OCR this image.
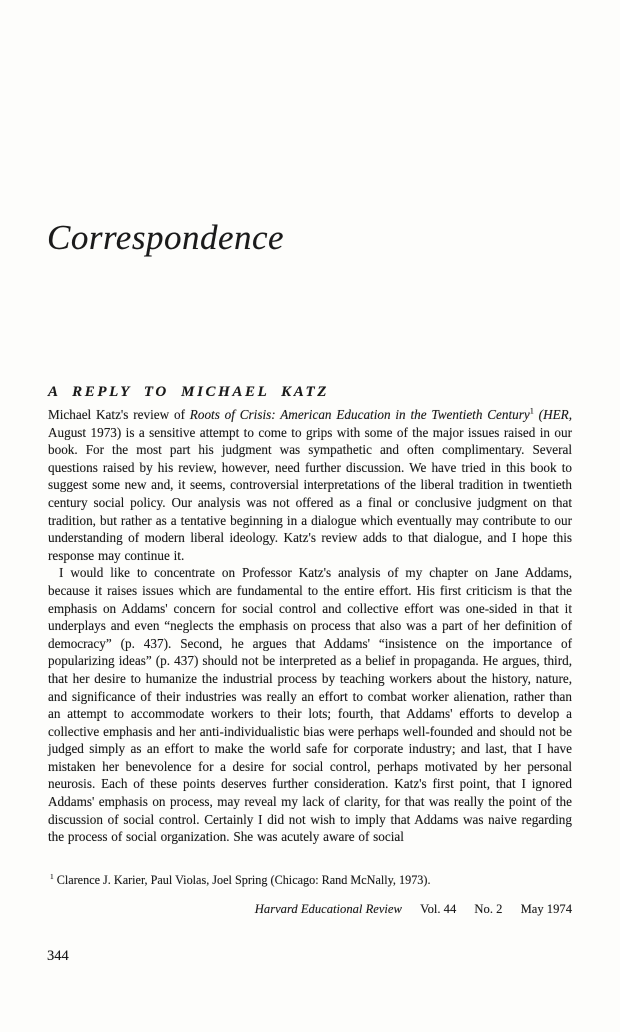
Correspondence
A REPLY TO MICHAEL KATZ

Michael Katz's review of Roots of Crisis: American Education in the Twentieth Century$^1$ (HER, August 1973) is a sensitive attempt to come to grips with some of the major issues raised in our book. For the most part his judgment was sympathetic and often complimentary. Several questions raised by his review, however, need further discussion. We have tried in this book to suggest some new and, it seems, controversial interpretations of the liberal tradition in twentieth century social policy. Our analysis was not offered as a final or conclusive judgment on that tradition, but rather as a tentative beginning in a dialogue which eventually may contribute to our understanding of modern liberal ideology. Katz's review adds to that dialogue, and I hope this response may continue it.

I would like to concentrate on Professor Katz's analysis of my chapter on Jane Addams, because it raises issues which are fundamental to the entire effort. His first criticism is that the emphasis on Addams' concern for social control and collective effort was one-sided in that it underplays and even “neglects the emphasis on process that also was a part of her definition of democracy” (p. 437). Second, he argues that Addams' “insistence on the importance of popularizing ideas” (p. 437) should not be interpreted as a belief in propaganda. He argues, third, that her desire to humanize the industrial process by teaching workers about the history, nature, and significance of their industries was really an effort to combat worker alienation, rather than an attempt to accommodate workers to their lots; fourth, that Addams' efforts to develop a collective emphasis and her anti-individualistic bias were perhaps well-founded and should not be judged simply as an effort to make the world safe for corporate industry; and last, that I have mistaken her benevolence for a desire for social control, perhaps motivated by her personal neurosis. Each of these points deserves further consideration. Katz's first point, that I ignored Addams' emphasis on process, may reveal my lack of clarity, for that was really the point of the discussion of social control. Certainly I did not wish to imply that Addams was naive regarding the process of social organization. She was acutely aware of social

$^1$ Clarence J. Karier, Paul Violas, Joel Spring (Chicago: Rand McNally, 1973).
Harvard Educational Review Vol. 44 No. 2 May 1974
344
